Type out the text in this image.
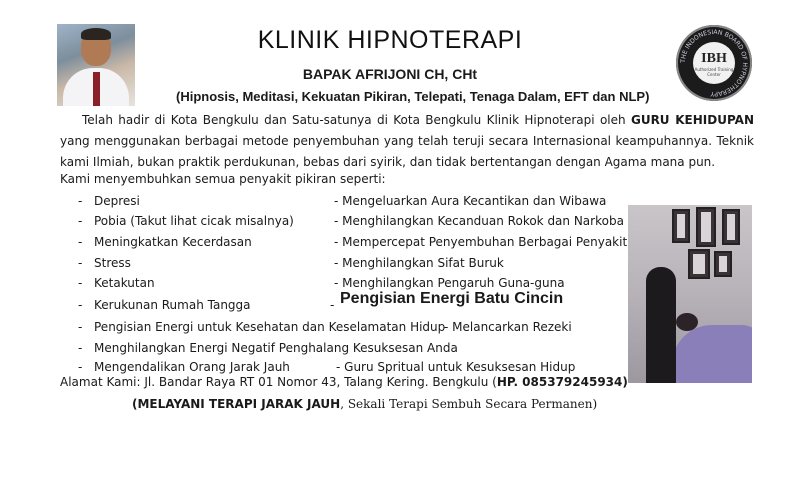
THE INDONESIAN BOARD OF HYPNOTHERAPY
IBH
Authorized Training Center
KLINIK HIPNOTERAPI
BAPAK AFRIJONI CH, CHt
(Hipnosis, Meditasi, Kekuatan Pikiran, Telepati, Tenaga Dalam, EFT dan NLP)
Telah hadir di Kota Bengkulu dan Satu-satunya di Kota Bengkulu Klinik Hipnoterapi oleh GURU KEHIDUPAN yang menggunakan berbagai metode penyembuhan yang telah teruji secara Internasional keampuhannya. Teknik kami Ilmiah, bukan praktik perdukunan, bebas dari syirik, dan tidak bertentangan dengan Agama mana pun.
Kami menyembuhkan semua penyakit pikiran seperti:
- Depresi
- Pobia (Takut lihat cicak misalnya)
- Meningkatkan Kecerdasan
- Stress
- Ketakutan
- Kerukunan Rumah Tangga
- Pengisian Energi untuk Kesehatan dan Keselamatan Hidup
- Menghilangkan Energi Negatif Penghalang Kesuksesan Anda
- Mengendalikan Orang Jarak Jauh
- Mengeluarkan Aura Kecantikan dan Wibawa
- Menghilangkan Kecanduan Rokok dan Narkoba
- Mempercepat Penyembuhan Berbagai Penyakit
- Menghilangkan Sifat Buruk
- Menghilangkan Pengaruh Guna-guna
-
- Melancarkan Rezeki
- Guru Spritual untuk Kesuksesan Hidup
Pengisian Energi Batu Cincin
Alamat Kami: Jl. Bandar Raya RT 01 Nomor 43, Talang Kering. Bengkulu (HP. 085379245934)
(MELAYANI TERAPI JARAK JAUH, Sekali Terapi Sembuh Secara Permanen)
